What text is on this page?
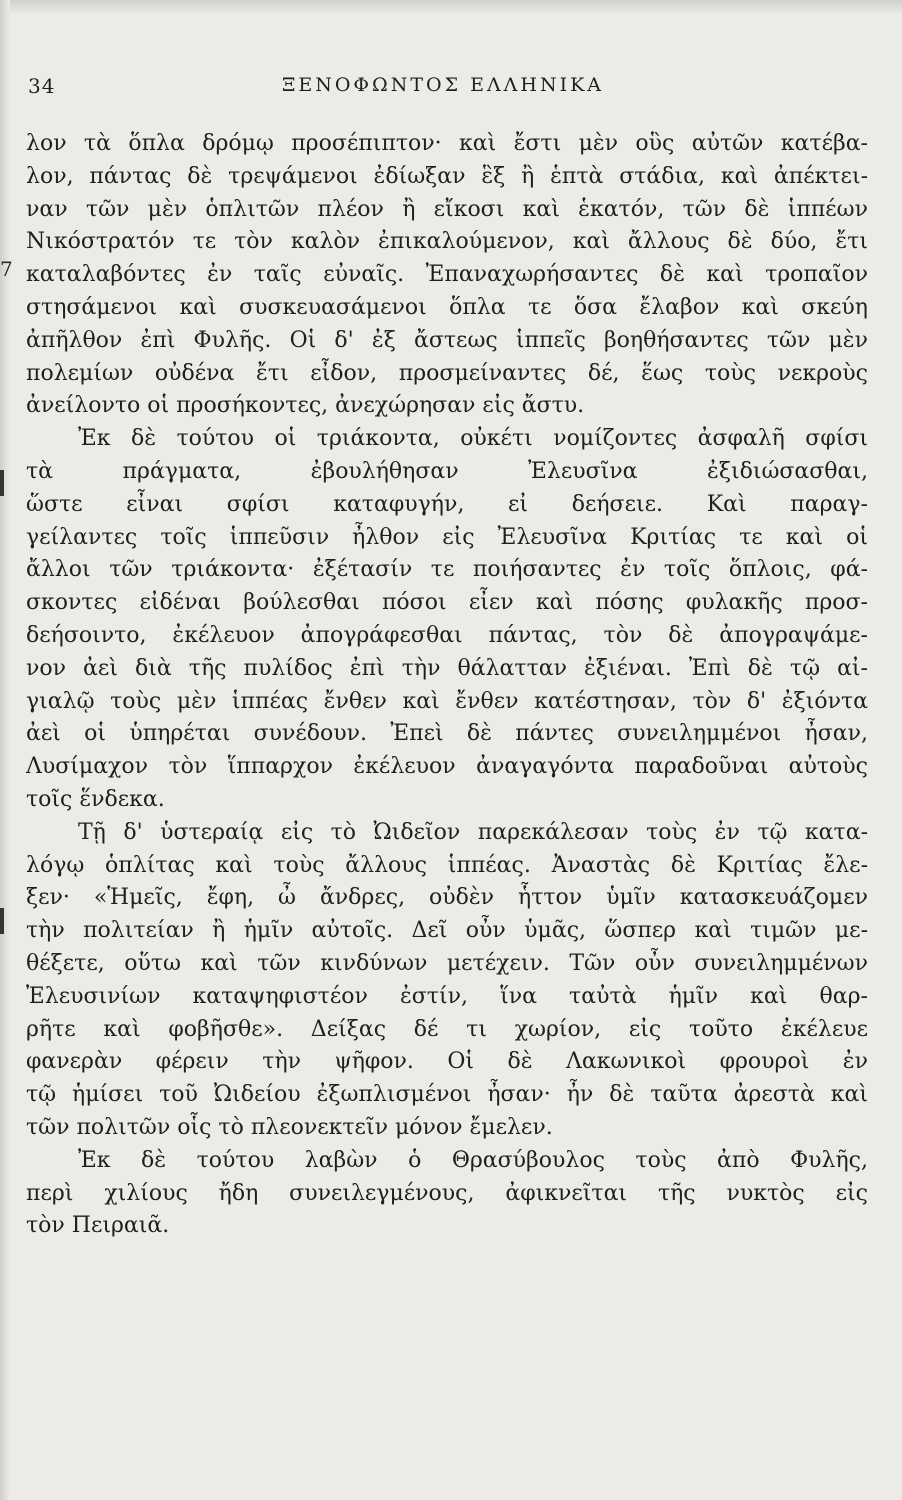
34	ΞΕΝΟΦΩΝΤΟΣ ΕΛΛΗΝΙΚΑ
7
λον τὰ ὅπλα δρόμῳ προσέπιπτον· καὶ ἔστι μὲν οὓς αὐτῶν κατέβα-
λον, πάντας δὲ τρεψάμενοι ἐδίωξαν ἓξ ἢ ἑπτὰ στάδια, καὶ ἀπέκτει-
ναν τῶν μὲν ὁπλιτῶν πλέον ἢ εἴκοσι καὶ ἑκατόν, τῶν δὲ ἱππέων
Νικόστρατόν τε τὸν καλὸν ἐπικαλούμενον, καὶ ἄλλους δὲ δύο, ἔτι
καταλαβόντες ἐν ταῖς εὐναῖς. Ἐπαναχωρήσαντες δὲ καὶ τροπαῖον
στησάμενοι καὶ συσκευασάμενοι ὅπλα τε ὅσα ἔλαβον καὶ σκεύη
ἀπῆλθον ἐπὶ Φυλῆς. Οἱ δ' ἐξ ἄστεως ἱππεῖς βοηθήσαντες τῶν μὲν
πολεμίων οὐδένα ἔτι εἶδον, προσμείναντες δέ, ἕως τοὺς νεκροὺς
ἀνείλοντο οἱ προσήκοντες, ἀνεχώρησαν εἰς ἄστυ.
Ἐκ δὲ τούτου οἱ τριάκοντα, οὐκέτι νομίζοντες ἀσφαλῆ σφίσι
τὰ πράγματα, ἐβουλήθησαν Ἐλευσῖνα ἐξιδιώσασθαι,
ὥστε εἶναι σφίσι καταφυγήν, εἰ δεήσειε. Καὶ παραγ-
γείλαντες τοῖς ἱππεῦσιν ἦλθον εἰς Ἐλευσῖνα Κριτίας τε καὶ οἱ
ἄλλοι τῶν τριάκοντα· ἐξέτασίν τε ποιήσαντες ἐν τοῖς ὅπλοις, φά-
σκοντες εἰδέναι βούλεσθαι πόσοι εἶεν καὶ πόσης φυλακῆς προσ-
δεήσοιντο, ἐκέλευον ἀπογράφεσθαι πάντας, τὸν δὲ ἀπογραψάμε-
νον ἀεὶ διὰ τῆς πυλίδος ἐπὶ τὴν θάλατταν ἐξιέναι. Ἐπὶ δὲ τῷ αἰ-
γιαλῷ τοὺς μὲν ἱππέας ἔνθεν καὶ ἔνθεν κατέστησαν, τὸν δ' ἐξιόντα
ἀεὶ οἱ ὑπηρέται συνέδουν. Ἐπεὶ δὲ πάντες συνειλημμένοι ἦσαν,
Λυσίμαχον τὸν ἵππαρχον ἐκέλευον ἀναγαγόντα παραδοῦναι αὐτοὺς
τοῖς ἕνδεκα.
Τῇ δ' ὑστεραίᾳ εἰς τὸ Ὠιδεῖον παρεκάλεσαν τοὺς ἐν τῷ κατα-
λόγῳ ὁπλίτας καὶ τοὺς ἄλλους ἱππέας. Ἀναστὰς δὲ Κριτίας ἔλε-
ξεν· «Ἡμεῖς, ἔφη, ὦ ἄνδρες, οὐδὲν ἧττον ὑμῖν κατασκευάζομεν
τὴν πολιτείαν ἢ ἡμῖν αὐτοῖς. Δεῖ οὖν ὑμᾶς, ὥσπερ καὶ τιμῶν με-
θέξετε, οὕτω καὶ τῶν κινδύνων μετέχειν. Τῶν οὖν συνειλημμένων
Ἐλευσινίων καταψηφιστέον ἐστίν, ἵνα ταὐτὰ ἡμῖν καὶ θαρ-
ρῆτε καὶ φοβῆσθε». Δείξας δέ τι χωρίον, εἰς τοῦτο ἐκέλευε
φανερὰν φέρειν τὴν ψῆφον. Οἱ δὲ Λακωνικοὶ φρουροὶ ἐν
τῷ ἡμίσει τοῦ Ὠιδείου ἐξωπλισμένοι ἦσαν· ἦν δὲ ταῦτα ἀρεστὰ καὶ
τῶν πολιτῶν οἷς τὸ πλεονεκτεῖν μόνον ἔμελεν.
Ἐκ δὲ τούτου λαβὼν ὁ Θρασύβουλος τοὺς ἀπὸ Φυλῆς,
περὶ χιλίους ἤδη συνειλεγμένους, ἀφικνεῖται τῆς νυκτὸς εἰς
τὸν Πειραιᾶ.
